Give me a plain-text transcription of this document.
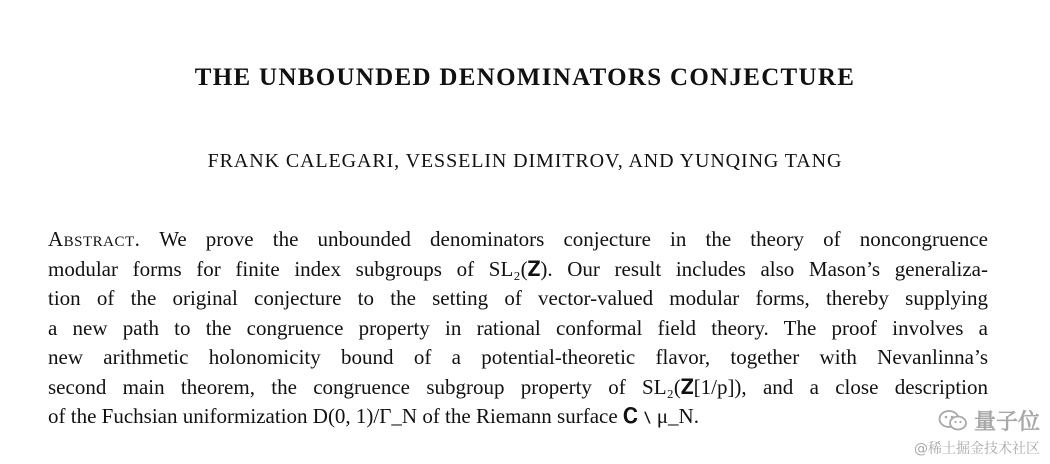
THE UNBOUNDED DENOMINATORS CONJECTURE
FRANK CALEGARI, VESSELIN DIMITROV, AND YUNQING TANG
Abstract. We prove the unbounded denominators conjecture in the theory of noncongruence
modular forms for finite index subgroups of SL₂(𝐙). Our result includes also Mason’s generaliza-
tion of the original conjecture to the setting of vector-valued modular forms, thereby supplying
a new path to the congruence property in rational conformal field theory. The proof involves a
new arithmetic holonomicity bound of a potential-theoretic flavor, together with Nevanlinna’s
second main theorem, the congruence subgroup property of SL₂(𝐙[1/p]), and a close description
of the Fuchsian uniformization D(0, 1)/Γ_N of the Riemann surface 𝐂 ∖ μ_N.	量子位
@稀土掘金技术社区
